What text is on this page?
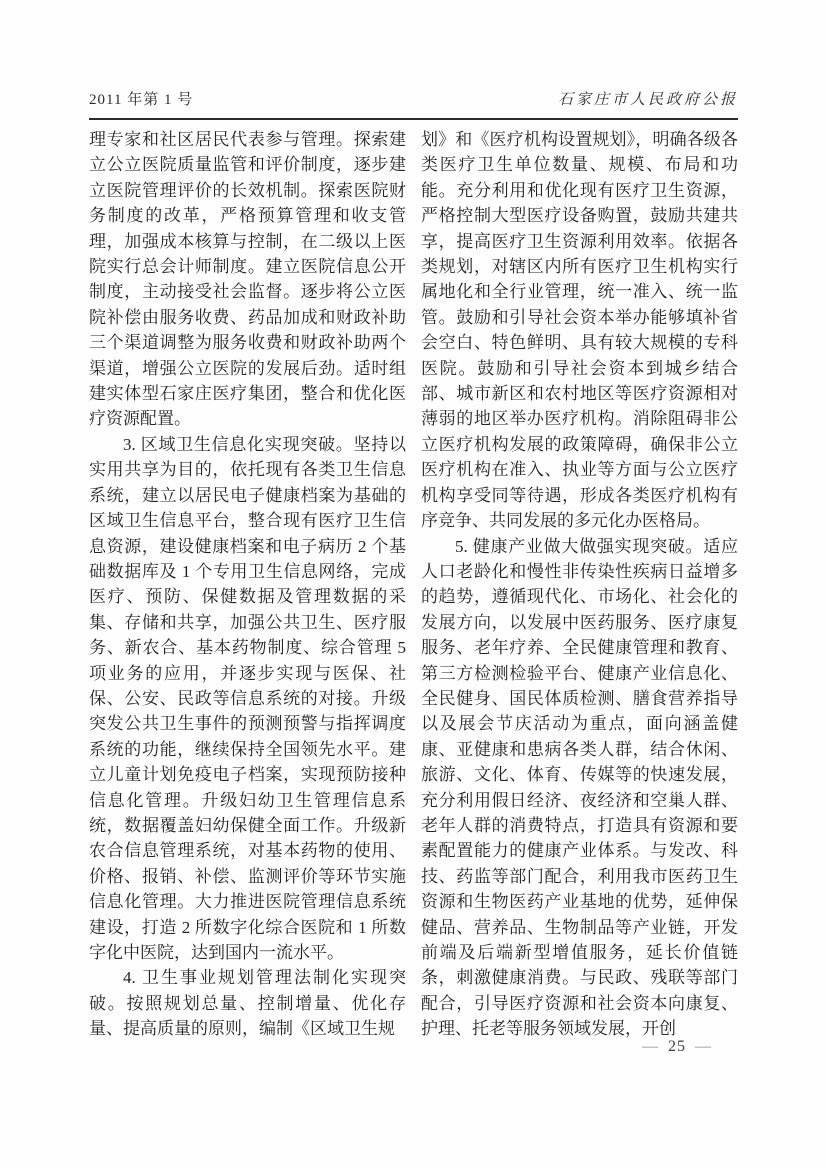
2011 年第 1 号	石家庄市人民政府公报

理专家和社区居民代表参与管理。探索建立公立医院质量监管和评价制度，逐步建立医院管理评价的长效机制。探索医院财务制度的改革，严格预算管理和收支管理，加强成本核算与控制，在二级以上医院实行总会计师制度。建立医院信息公开制度，主动接受社会监督。逐步将公立医院补偿由服务收费、药品加成和财政补助三个渠道调整为服务收费和财政补助两个渠道，增强公立医院的发展后劲。适时组建实体型石家庄医疗集团，整合和优化医疗资源配置。

3. 区域卫生信息化实现突破。坚持以实用共享为目的，依托现有各类卫生信息系统，建立以居民电子健康档案为基础的区域卫生信息平台，整合现有医疗卫生信息资源，建设健康档案和电子病历 2 个基础数据库及 1 个专用卫生信息网络，完成医疗、预防、保健数据及管理数据的采集、存储和共享，加强公共卫生、医疗服务、新农合、基本药物制度、综合管理 5 项业务的应用，并逐步实现与医保、社保、公安、民政等信息系统的对接。升级突发公共卫生事件的预测预警与指挥调度系统的功能，继续保持全国领先水平。建立儿童计划免疫电子档案，实现预防接种信息化管理。升级妇幼卫生管理信息系统，数据覆盖妇幼保健全面工作。升级新农合信息管理系统，对基本药物的使用、价格、报销、补偿、监测评价等环节实施信息化管理。大力推进医院管理信息系统建设，打造 2 所数字化综合医院和 1 所数字化中医院，达到国内一流水平。

4. 卫生事业规划管理法制化实现突破。按照规划总量、控制增量、优化存量、提高质量的原则，编制《区域卫生规

划》和《医疗机构设置规划》，明确各级各类医疗卫生单位数量、规模、布局和功能。充分利用和优化现有医疗卫生资源，严格控制大型医疗设备购置，鼓励共建共享，提高医疗卫生资源利用效率。依据各类规划，对辖区内所有医疗卫生机构实行属地化和全行业管理，统一准入、统一监管。鼓励和引导社会资本举办能够填补省会空白、特色鲜明、具有较大规模的专科医院。鼓励和引导社会资本到城乡结合部、城市新区和农村地区等医疗资源相对薄弱的地区举办医疗机构。消除阻碍非公立医疗机构发展的政策障碍，确保非公立医疗机构在准入、执业等方面与公立医疗机构享受同等待遇，形成各类医疗机构有序竞争、共同发展的多元化办医格局。

5. 健康产业做大做强实现突破。适应人口老龄化和慢性非传染性疾病日益增多的趋势，遵循现代化、市场化、社会化的发展方向，以发展中医药服务、医疗康复服务、老年疗养、全民健康管理和教育、第三方检测检验平台、健康产业信息化、全民健身、国民体质检测、膳食营养指导以及展会节庆活动为重点，面向涵盖健康、亚健康和患病各类人群，结合休闲、旅游、文化、体育、传媒等的快速发展，充分利用假日经济、夜经济和空巢人群、老年人群的消费特点，打造具有资源和要素配置能力的健康产业体系。与发改、科技、药监等部门配合，利用我市医药卫生资源和生物医药产业基地的优势，延伸保健品、营养品、生物制品等产业链，开发前端及后端新型增值服务，延长价值链条，刺激健康消费。与民政、残联等部门配合，引导医疗资源和社会资本向康复、护理、托老等服务领域发展，开创

— 25 —
